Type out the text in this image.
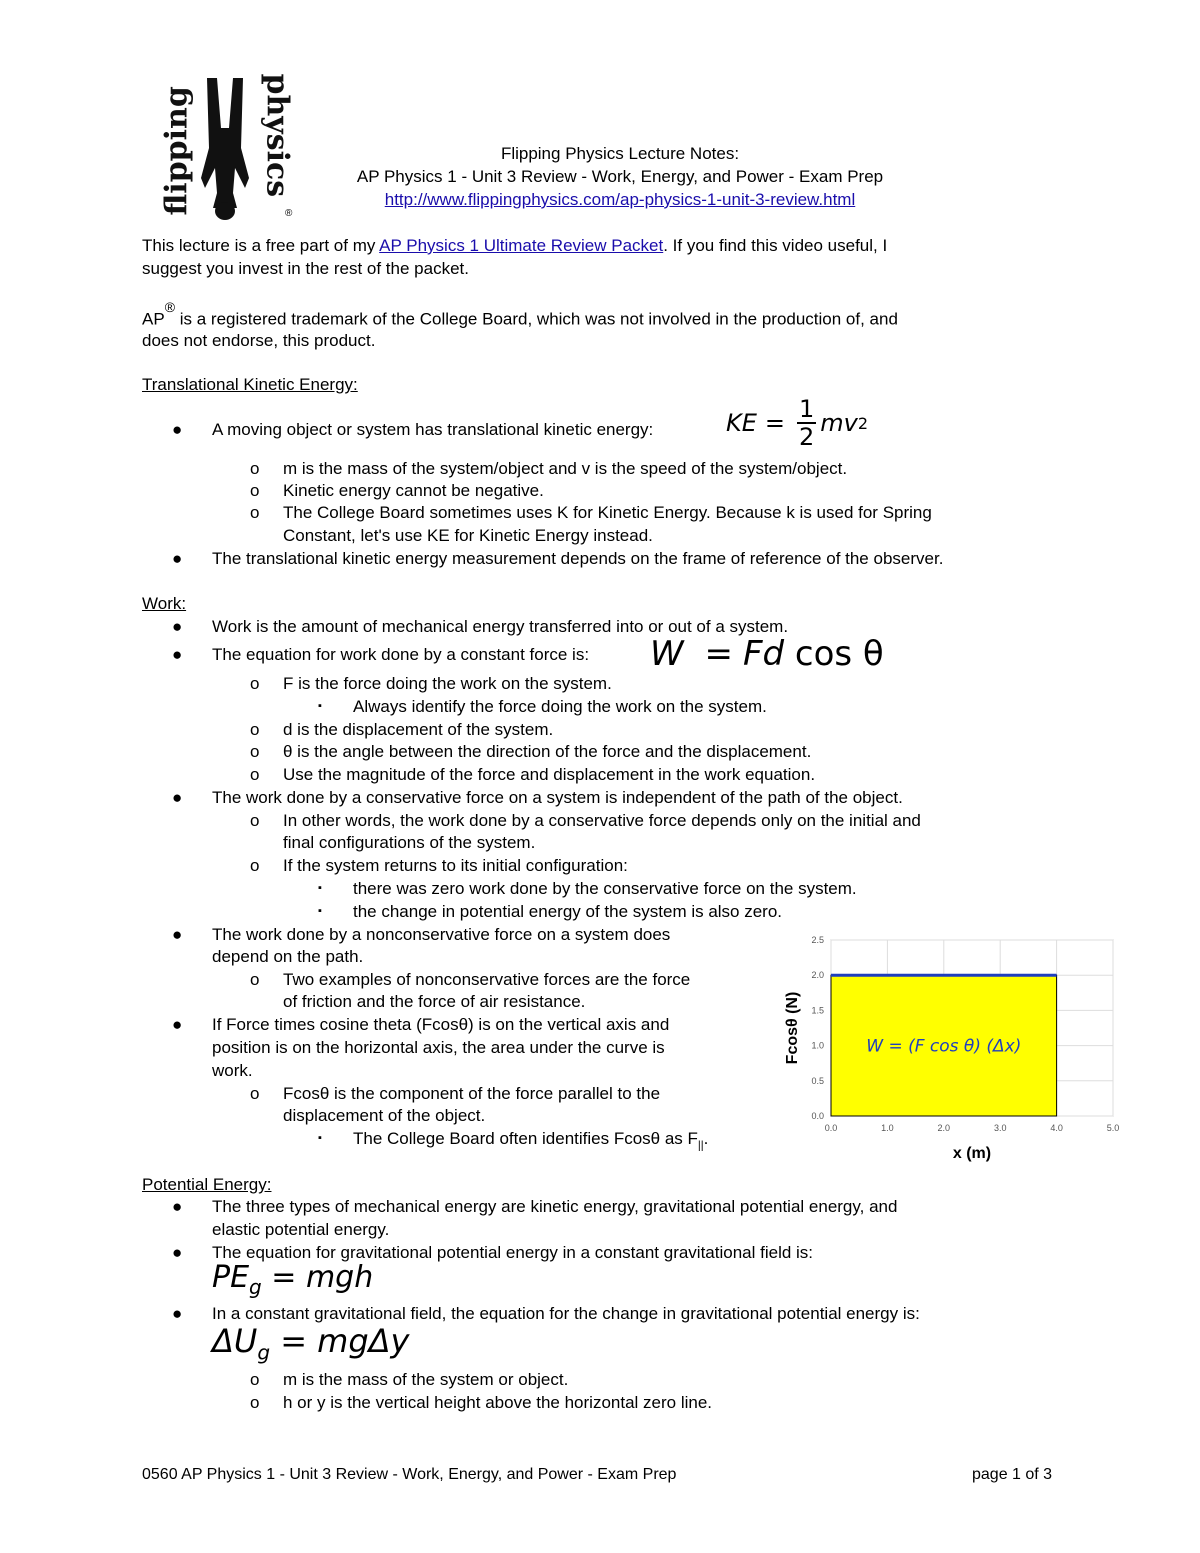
flipping physics
®
Flipping Physics Lecture Notes:
AP Physics 1 - Unit 3 Review - Work, Energy, and Power - Exam Prep
http://www.flippingphysics.com/ap-physics-1-unit-3-review.html
This lecture is a free part of my AP Physics 1 Ultimate Review Packet. If you find this video useful, I
suggest you invest in the rest of the packet.
AP® is a registered trademark of the College Board, which was not involved in the production of, and
does not endorse, this product.
Translational Kinetic Energy:
● A moving object or system has translational kinetic energy:	KE = $\frac{1}{2}$ mv 2
o m is the mass of the system/object and v is the speed of the system/object.
o Kinetic energy cannot be negative.
o The College Board sometimes uses K for Kinetic Energy. Because k is used for Spring
Constant, let's use KE for Kinetic Energy instead.
● The translational kinetic energy measurement depends on the frame of reference of the observer.
Work:
● Work is the amount of mechanical energy transferred into or out of a system.
● The equation for work done by a constant force is: W = Fd cos θ
o F is the force doing the work on the system.
▪ Always identify the force doing the work on the system.
o d is the displacement of the system.
o θ is the angle between the direction of the force and the displacement.
o Use the magnitude of the force and displacement in the work equation.
● The work done by a conservative force on a system is independent of the path of the object.
o In other words, the work done by a conservative force depends only on the initial and
final configurations of the system.
o If the system returns to its initial configuration:
▪ there was zero work done by the conservative force on the system.
▪ the change in potential energy of the system is also zero.
● The work done by a nonconservative force on a system does
depend on the path.
o Two examples of nonconservative forces are the force
of friction and the force of air resistance.
● If Force times cosine theta (Fcosθ) is on the vertical axis and
position is on the horizontal axis, the area under the curve is
work.
o Fcosθ is the component of the force parallel to the
displacement of the object.
▪ The College Board often identifies Fcosθ as $F_{||}$.
0.0	1.0	2.0	3.0	4.0	5.0
0.0
0.5
1.0
1.5
2.0
2.5
x (m)
Fcosθ (N)	W = (F cos θ) (Δx)
Potential Energy:
● The three types of mechanical energy are kinetic energy, gravitational potential energy, and
elastic potential energy.
● The equation for gravitational potential energy in a constant gravitational field is:
$PE_g$ = mgh
● In a constant gravitational field, the equation for the change in gravitational potential energy is:
$\Delta U_g = mg\Delta y$
o m is the mass of the system or object.
o h or y is the vertical height above the horizontal zero line.
0560 AP Physics 1 - Unit 3 Review - Work, Energy, and Power - Exam Prep	page 1 of 3
